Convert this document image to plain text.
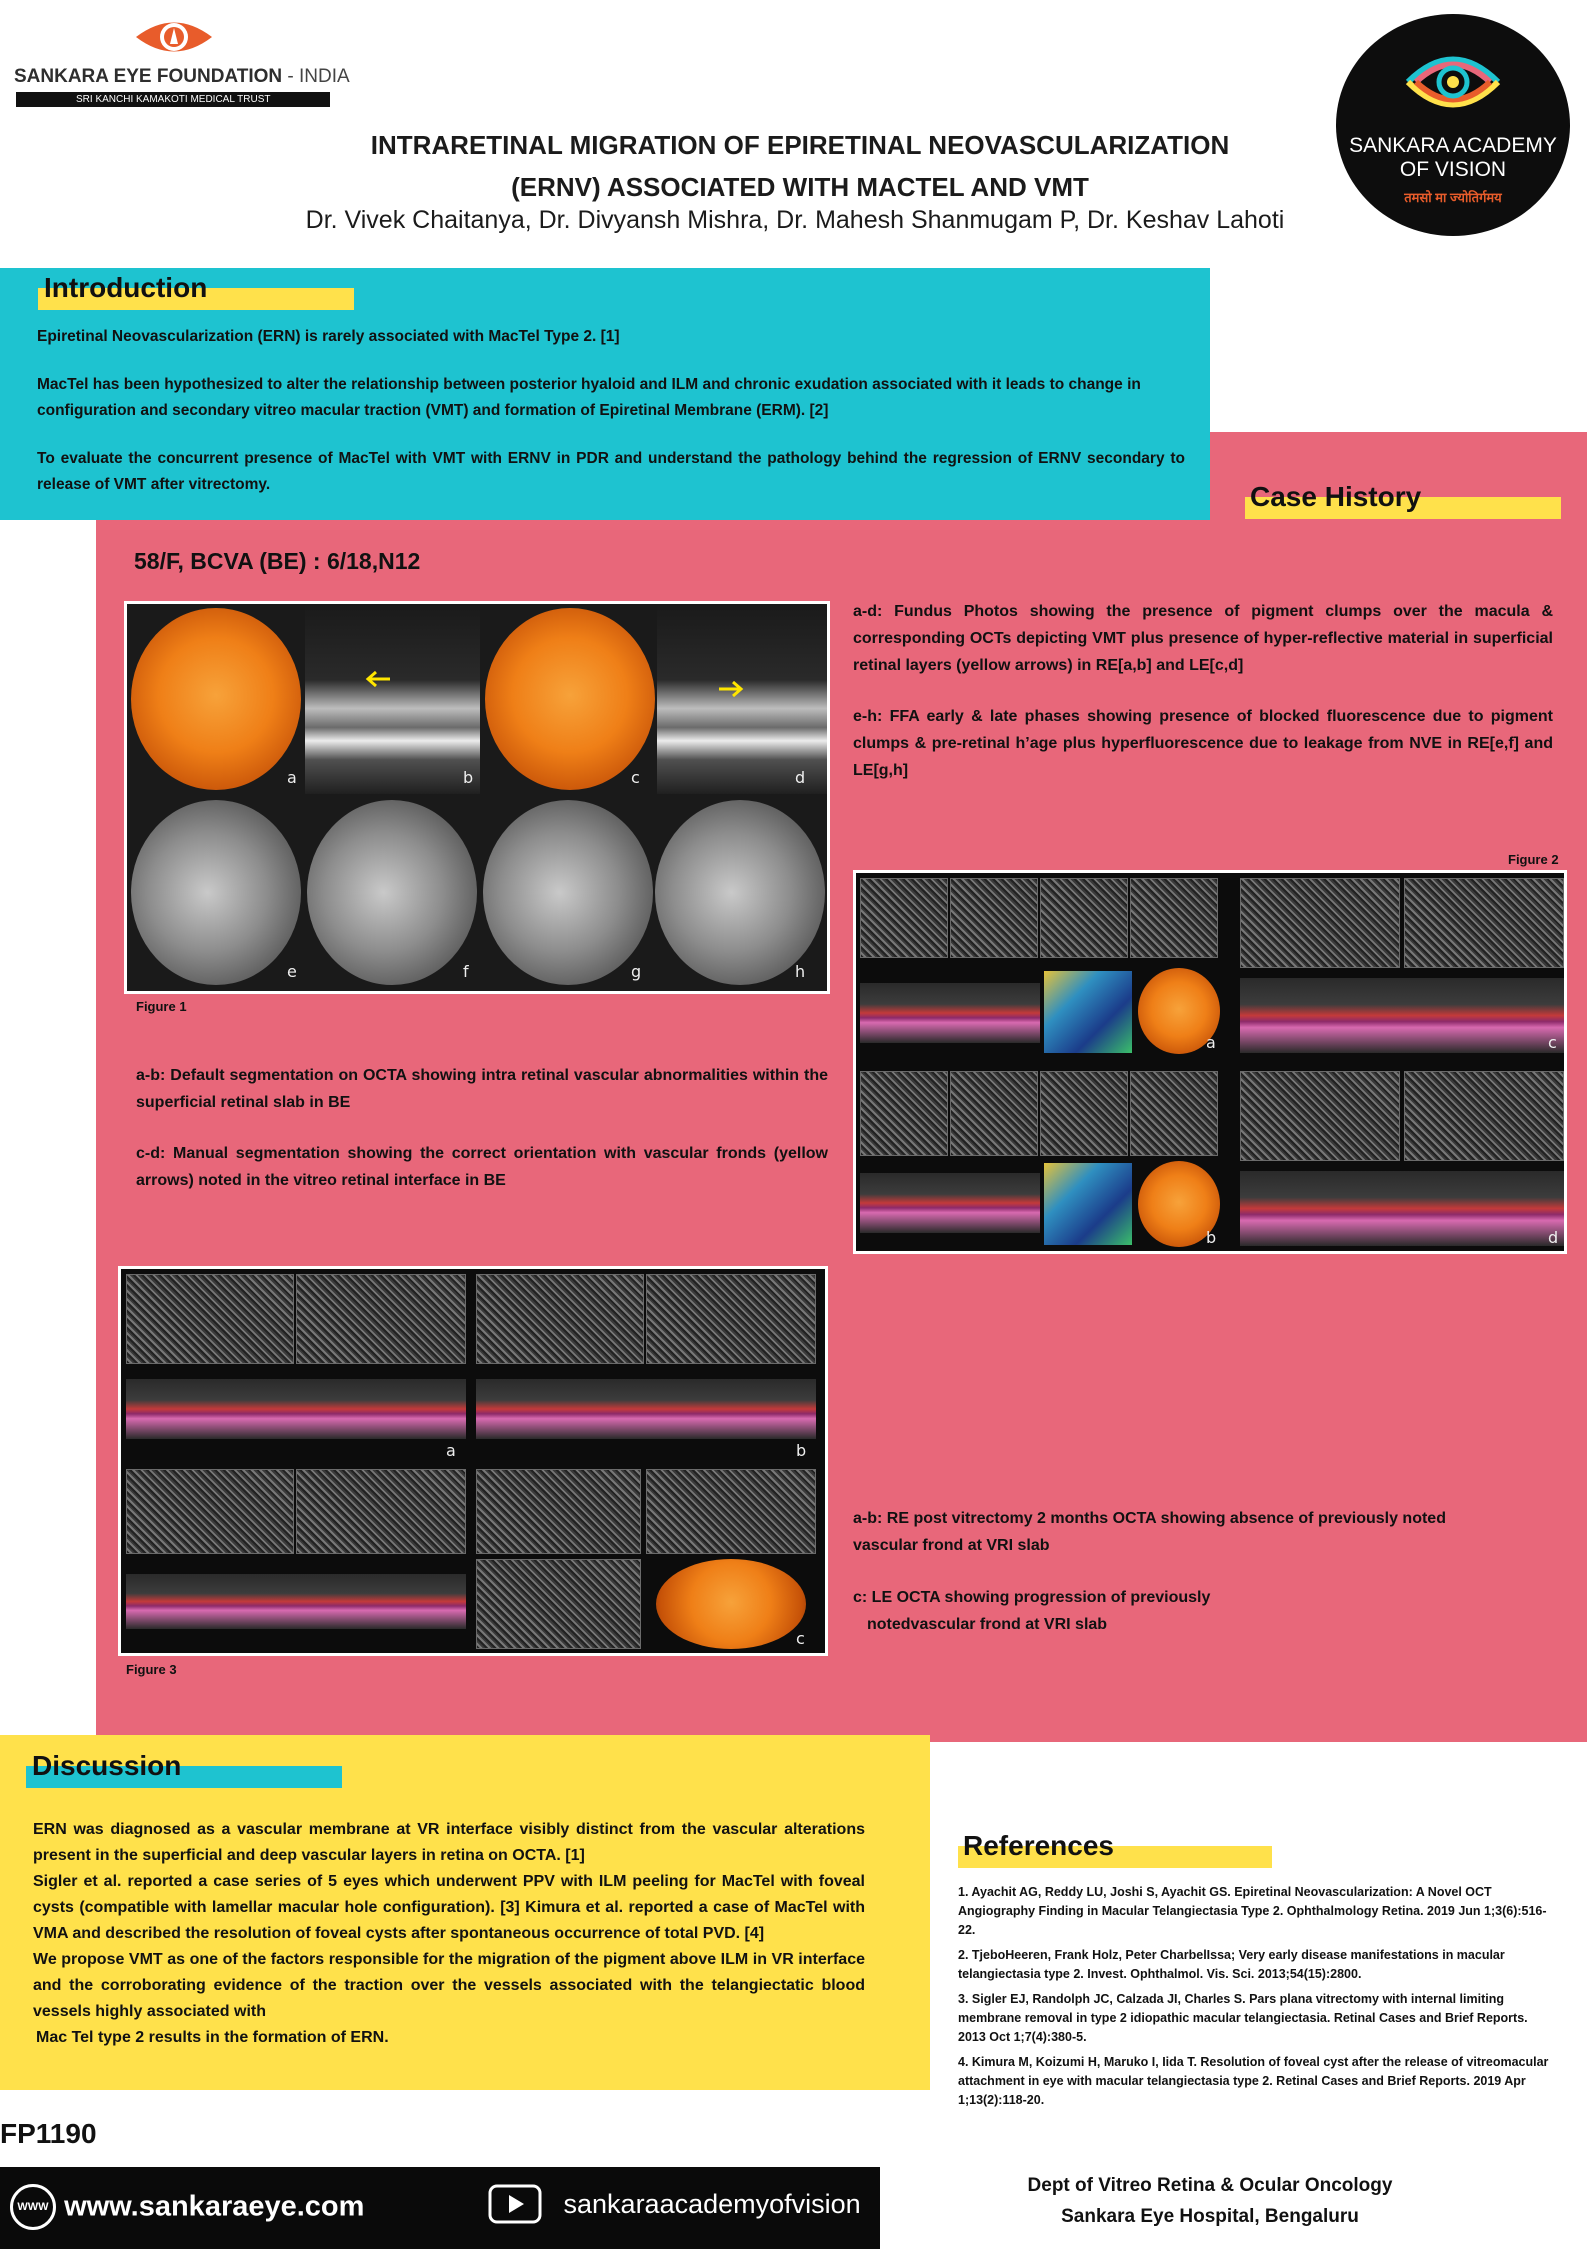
SANKARA EYE FOUNDATION - INDIA
SRI KANCHI KAMAKOTI MEDICAL TRUST
SANKARA ACADEMY
OF VISION
तमसो मा ज्योतिर्गमय
INTRARETINAL MIGRATION OF EPIRETINAL NEOVASCULARIZATION
(ERNV) ASSOCIATED WITH MACTEL AND VMT
Dr. Vivek Chaitanya, Dr. Divyansh Mishra, Dr. Mahesh Shanmugam P, Dr. Keshav Lahoti
Introduction

Epiretinal Neovascularization (ERN) is rarely associated with MacTel Type 2. [1]

MacTel has been hypothesized to alter the relationship between posterior hyaloid and ILM and chronic exudation associated with it leads to change in configuration and secondary vitreo macular traction (VMT) and formation of Epiretinal Membrane (ERM). [2]

To evaluate the concurrent presence of MacTel with VMT with ERNV in PDR and understand the pathology behind the regression of ERNV secondary to release of VMT after vitrectomy.	Case History
58/F, BCVA (BE) : 6/18,N12
a	b	c	d
e	f	g	h
Figure 1
a-d: Fundus Photos showing the presence of pigment clumps over the macula & corresponding OCTs depicting VMT plus presence of hyper-reflective material in superficial retinal layers (yellow arrows) in RE[a,b] and LE[c,d]
e-h: FFA early & late phases showing presence of blocked fluorescence due to pigment clumps & pre-retinal h’age plus hyperfluorescence due to leakage from NVE in RE[e,f] and LE[g,h]
Figure 2
a	c
b	d
a-b: Default segmentation on OCTA showing intra retinal vascular abnormalities within the superficial retinal slab in BE
c-d: Manual segmentation showing the correct orientation with vascular fronds (yellow arrows) noted in the vitreo retinal interface in BE
a	b
c
Figure 3
a-b: RE post vitrectomy 2 months OCTA showing absence of previously noted vascular frond at VRI slab
c: LE OCTA showing progression of previously
notedvascular frond at VRI slab
Discussion
ERN was diagnosed as a vascular membrane at VR interface visibly distinct from the vascular alterations present in the superficial and deep vascular layers in retina on OCTA. [1]
Sigler et al. reported a case series of 5 eyes which underwent PPV with ILM peeling for MacTel with foveal cysts (compatible with lamellar macular hole configuration). [3] Kimura et al. reported a case of MacTel with VMA and described the resolution of foveal cysts after spontaneous occurrence of total PVD. [4]
We propose VMT as one of the factors responsible for the migration of the pigment above ILM in VR interface and the corroborating evidence of the traction over the vessels associated with the telangiectatic blood vessels highly associated with
Mac Tel type 2 results in the formation of ERN.
References

1. Ayachit AG, Reddy LU, Joshi S, Ayachit GS. Epiretinal Neovascularization: A Novel OCT Angiography Finding in Macular Telangiectasia Type 2. Ophthalmology Retina. 2019 Jun 1;3(6):516-22.

2. TjeboHeeren, Frank Holz, Peter CharbelIssa; Very early disease manifestations in macular telangiectasia type 2. Invest. Ophthalmol. Vis. Sci. 2013;54(15):2800.

3. Sigler EJ, Randolph JC, Calzada JI, Charles S. Pars plana vitrectomy with internal limiting membrane removal in type 2 idiopathic macular telangiectasia. Retinal Cases and Brief Reports. 2013 Oct 1;7(4):380-5.

4. Kimura M, Koizumi H, Maruko I, Iida T. Resolution of foveal cyst after the release of vitreomacular attachment in eye with macular telangiectasia type 2. Retinal Cases and Brief Reports. 2019 Apr 1;13(2):118-20.

FP1190
WWW www.sankaraeye.com	sankaraacademyofvision
Dept of Vitreo Retina & Ocular Oncology
Sankara Eye Hospital, Bengaluru
